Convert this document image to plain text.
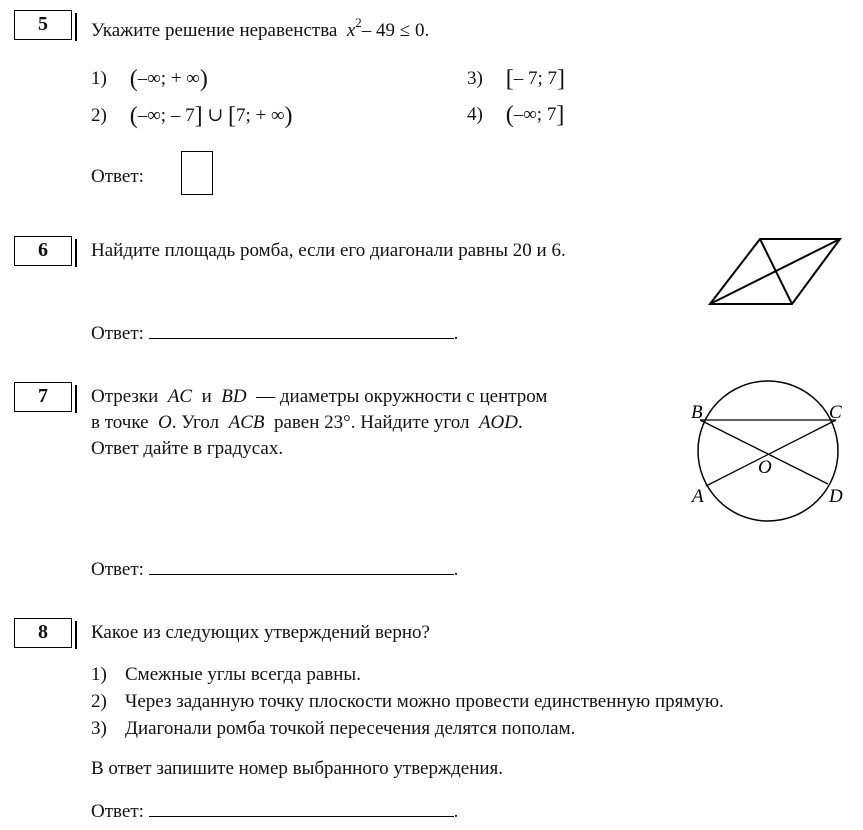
5	Укажите решение неравенства $x^2-$ 49 ≤ 0.
1) (–∞; + ∞)
2) (–∞; – 7] ∪ [7; + ∞)
3) [– 7; 7]
4) (–∞; 7]
Ответ:
6	Найдите площадь ромба, если его диагонали равны 20 и 6.
Ответ:	.
7	Отрезки AC и BD — диаметры окружности с центром
в точке O. Угол ACB равен 23°. Найдите угол AOD.
Ответ дайте в градусах.
B	C
O
A	D
Ответ:	.
8	Какое из следующих утверждений верно?
1) Смежные углы всегда равны.
2) Через заданную точку плоскости можно провести единственную прямую.
3) Диагонали ромба точкой пересечения делятся пополам.
В ответ запишите номер выбранного утверждения.
Ответ:	.
